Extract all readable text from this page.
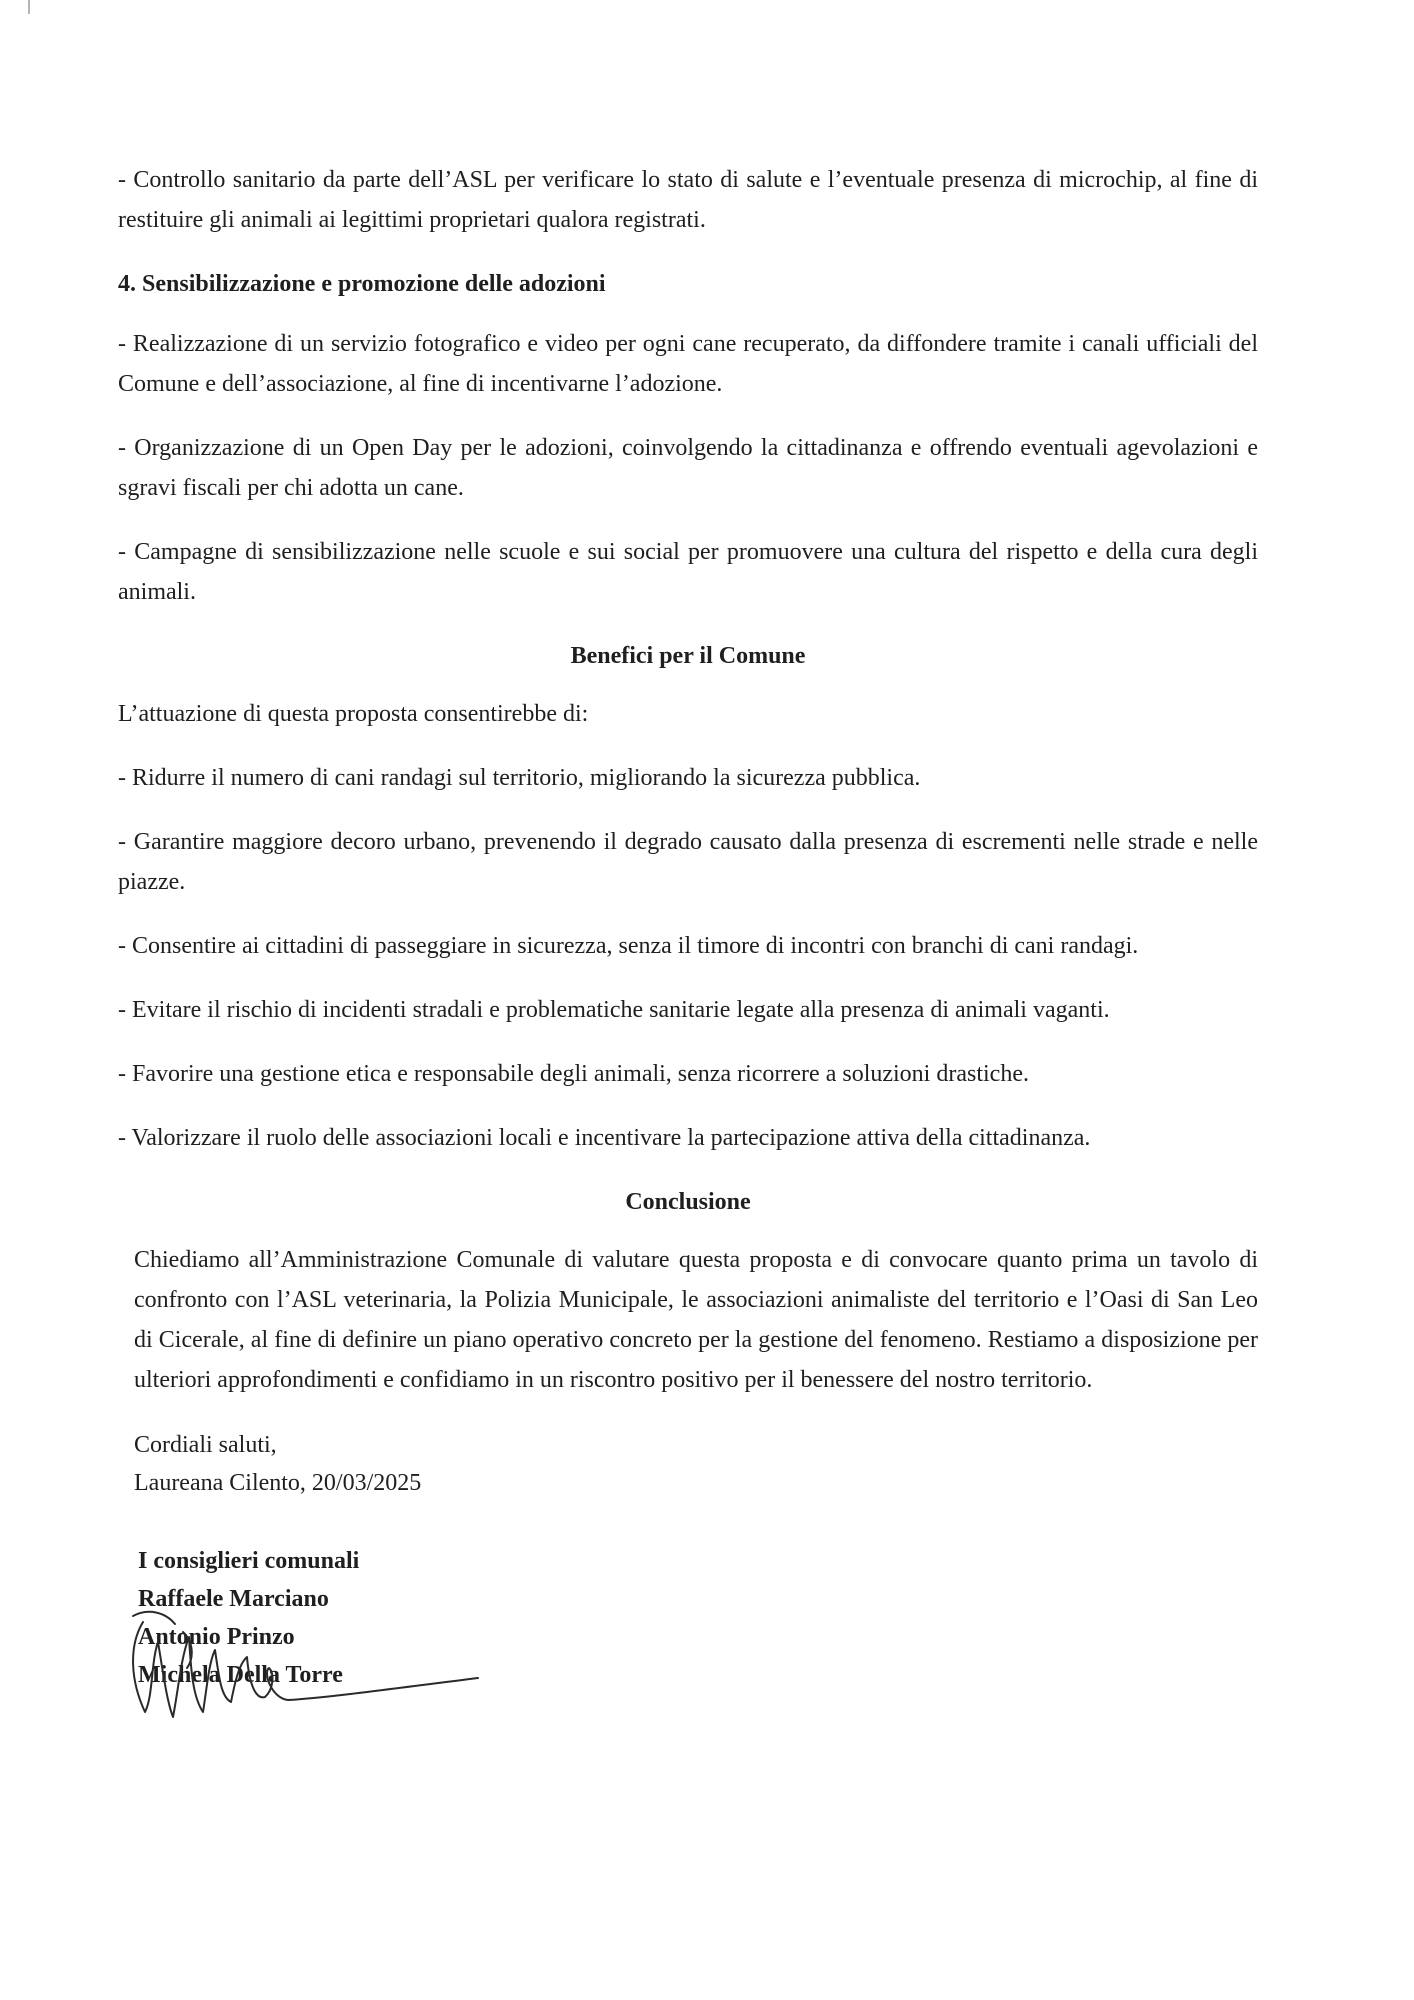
- Controllo sanitario da parte dell’ASL per verificare lo stato di salute e l’eventuale presenza di microchip, al fine di restituire gli animali ai legittimi proprietari qualora registrati.

4. Sensibilizzazione e promozione delle adozioni

- Realizzazione di un servizio fotografico e video per ogni cane recuperato, da diffondere tramite i canali ufficiali del Comune e dell’associazione, al fine di incentivarne l’adozione.

- Organizzazione di un Open Day per le adozioni, coinvolgendo la cittadinanza e offrendo eventuali agevolazioni e sgravi fiscali per chi adotta un cane.

- Campagne di sensibilizzazione nelle scuole e sui social per promuovere una cultura del rispetto e della cura degli animali.

Benefici per il Comune

L’attuazione di questa proposta consentirebbe di:

- Ridurre il numero di cani randagi sul territorio, migliorando la sicurezza pubblica.

- Garantire maggiore decoro urbano, prevenendo il degrado causato dalla presenza di escrementi nelle strade e nelle piazze.

- Consentire ai cittadini di passeggiare in sicurezza, senza il timore di incontri con branchi di cani randagi.

- Evitare il rischio di incidenti stradali e problematiche sanitarie legate alla presenza di animali vaganti.

- Favorire una gestione etica e responsabile degli animali, senza ricorrere a soluzioni drastiche.

- Valorizzare il ruolo delle associazioni locali e incentivare la partecipazione attiva della cittadinanza.

Conclusione

Chiediamo all’Amministrazione Comunale di valutare questa proposta e di convocare quanto prima un tavolo di confronto con l’ASL veterinaria, la Polizia Municipale, le associazioni animaliste del territorio e l’Oasi di San Leo di Cicerale, al fine di definire un piano operativo concreto per la gestione del fenomeno. Restiamo a disposizione per ulteriori approfondimenti e confidiamo in un riscontro positivo per il benessere del nostro territorio.

Cordiali saluti,
Laureana Cilento, 20/03/2025
I consiglieri comunali
Raffaele Marciano
Antonio Prinzo
Michela Della Torre
